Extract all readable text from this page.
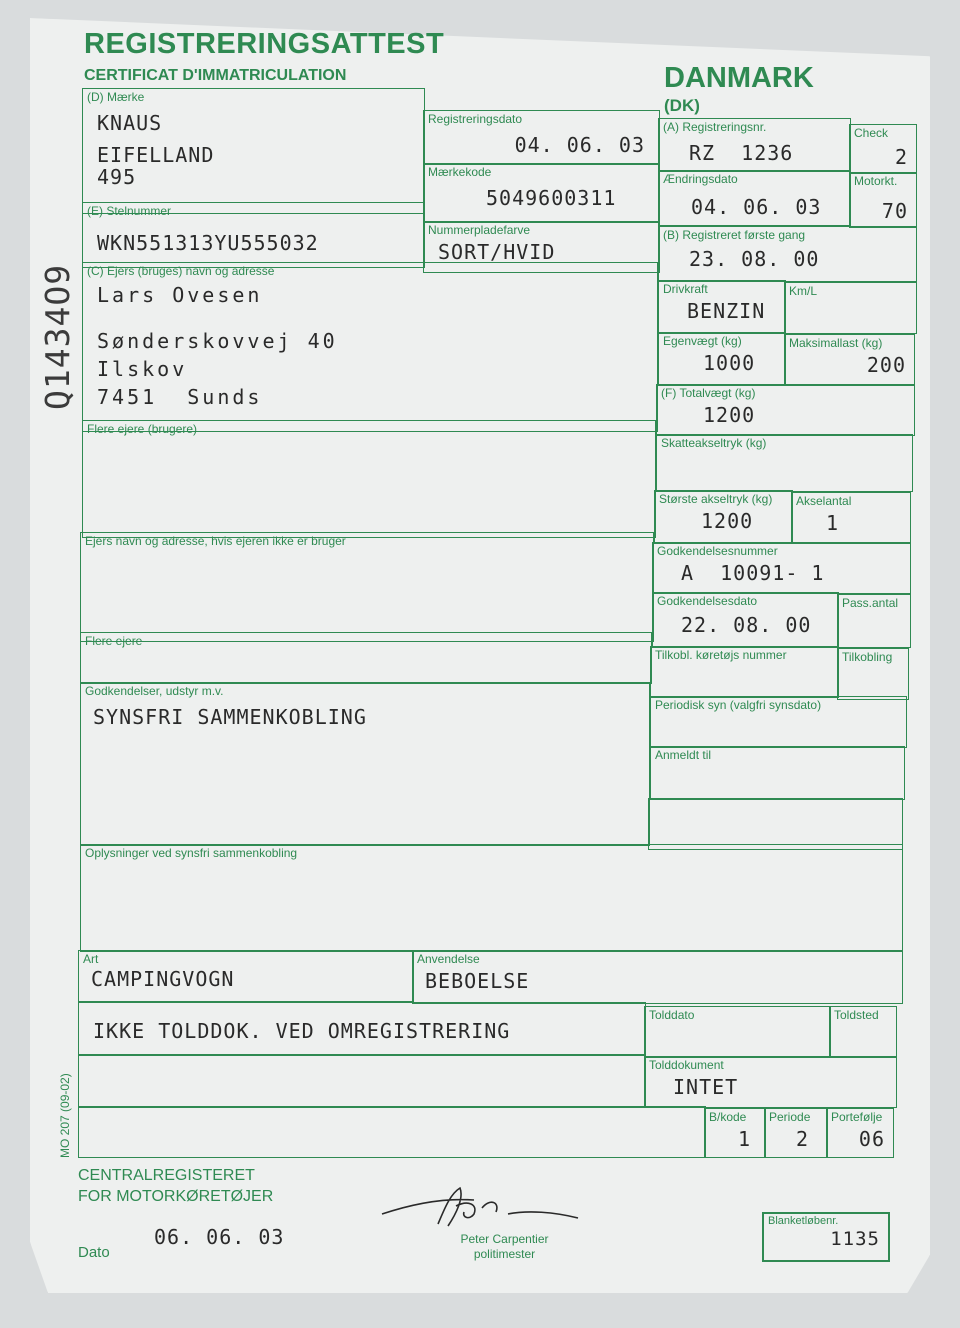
REGISTRERINGSATTEST
CERTIFICAT D'IMMATRICULATION	DANMARK
(DK)
Q1434O9
MO 207 (09-02)
(D) Mærke
KNAUS
EIFELLAND
495
Registreringsdato
04. 06. 03
(A) Registreringsnr.
RZ  1236
Check
2
Mærkekode
5049600311
Ændringsdato
04. 06. 03
Motorkt.
70
(E) Stelnummer
WKN551313YU555032
Nummerpladefarve
SORT/HVID
(B) Registreret første gang
23. 08. 00
(C) Ejers (bruges) navn og adresse
Lars Ovesen
Sønderskovvej 40
Ilskov
7451  Sunds
Drivkraft
BENZIN
Km/L
Egenvægt (kg)
1000
Maksimallast (kg)
200
(F) Totalvægt (kg)
1200
Flere ejere (brugere)
Skatteakseltryk (kg)
Største akseltryk (kg)
1200
Akselantal
1
Ejers navn og adresse, hvis ejeren ikke er bruger
Godkendelsesnummer
A  10091- 1
Godkendelsesdato
22. 08. 00
Pass.antal
Flere ejere
Tilkobl. køretøjs nummer	Tilkobling
Godkendelser, udstyr m.v.
SYNSFRI SAMMENKOBLING	Periodisk syn (valgfri synsdato)
Anmeldt til
Oplysninger ved synsfri sammenkobling
Art
CAMPINGVOGN
Anvendelse
BEBOELSE
IKKE TOLDDOK. VED OMREGISTRERING
Tolddato	Toldsted
Tolddokument
INTET
B/kode
1
Periode
2
Portefølje
06
CENTRALREGISTERET
FOR MOTORKØRETØJER
06. 06. 03
Dato
Peter Carpentier
politimester
Blanketløbenr.
1135
